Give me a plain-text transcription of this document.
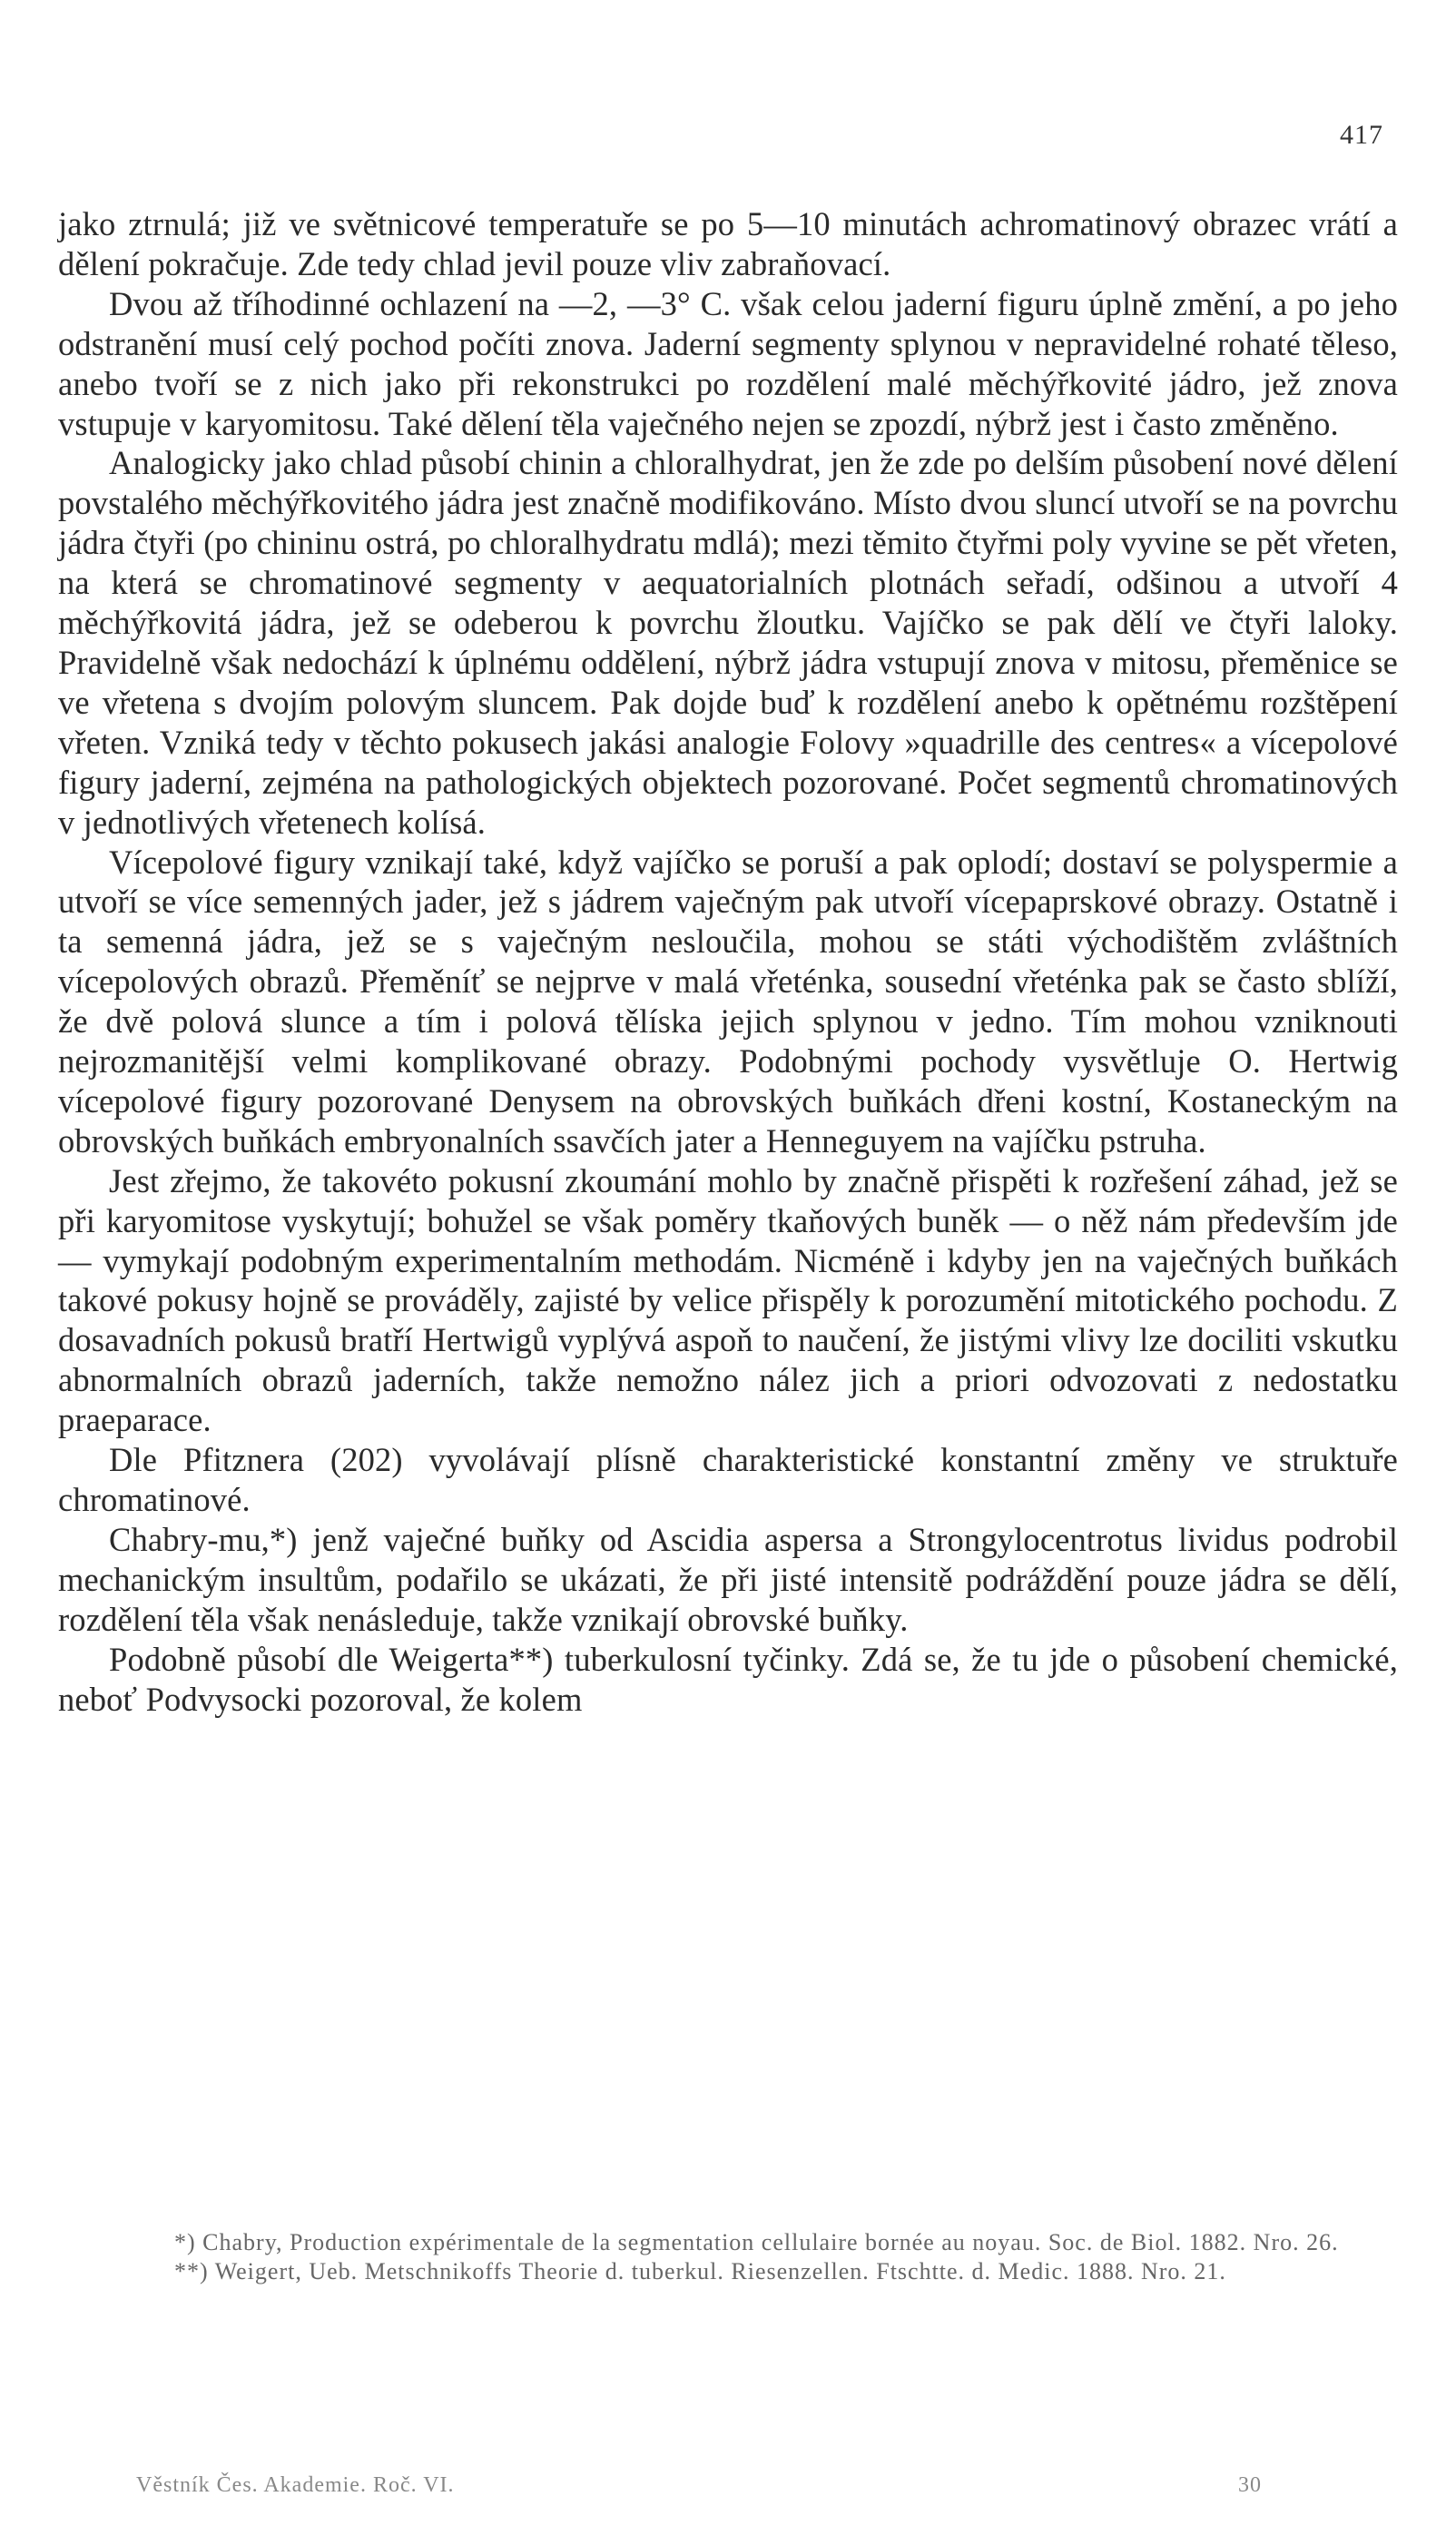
417

jako ztrnulá; již ve světnicové temperatuře se po 5—10 minutách achromatinový obrazec vrátí a dělení pokračuje. Zde tedy chlad jevil pouze vliv zabraňovací.

Dvou až tříhodinné ochlazení na —2, —3° C. však celou jaderní figuru úplně změní, a po jeho odstranění musí celý pochod počíti znova. Jaderní segmenty splynou v nepravidelné rohaté těleso, anebo tvoří se z nich jako při rekonstrukci po rozdělení malé měchýřkovité jádro, jež znova vstupuje v karyomitosu. Také dělení těla vaječného nejen se zpozdí, nýbrž jest i často změněno.

Analogicky jako chlad působí chinin a chloralhydrat, jen že zde po delším působení nové dělení povstalého měchýřkovitého jádra jest značně modifikováno. Místo dvou sluncí utvoří se na povrchu jádra čtyři (po chininu ostrá, po chloralhydratu mdlá); mezi těmito čtyřmi poly vyvine se pět vřeten, na která se chromatinové segmenty v aequatorialních plotnách seřadí, odšinou a utvoří 4 měchýřkovitá jádra, jež se odeberou k povrchu žloutku. Vajíčko se pak dělí ve čtyři laloky. Pravidelně však nedochází k úplnému oddělení, nýbrž jádra vstupují znova v mitosu, přeměnice se ve vřetena s dvojím polovým sluncem. Pak dojde buď k rozdělení anebo k opětnému rozštěpení vřeten. Vzniká tedy v těchto pokusech jakási analogie Folovy »quadrille des centres« a vícepolové figury jaderní, zejména na pathologických objektech pozorované. Počet segmentů chromatinových v jednotlivých vřetenech kolísá.

Vícepolové figury vznikají také, když vajíčko se poruší a pak oplodí; dostaví se polyspermie a utvoří se více semenných jader, jež s jádrem vaječným pak utvoří vícepaprskové obrazy. Ostatně i ta semenná jádra, jež se s vaječným nesloučila, mohou se státi východištěm zvláštních vícepolových obrazů. Přeměníť se nejprve v malá vřeténka, sousední vřeténka pak se často sblíží, že dvě polová slunce a tím i polová tělíska jejich splynou v jedno. Tím mohou vzniknouti nejrozmanitější velmi komplikované obrazy. Podobnými pochody vysvětluje O. Hertwig vícepolové figury pozorované Denysem na obrovských buňkách dřeni kostní, Kostaneckým na obrovských buňkách embryonalních ssavčích jater a Henneguyem na vajíčku pstruha.

Jest zřejmo, že takovéto pokusní zkoumání mohlo by značně přispěti k rozřešení záhad, jež se při karyomitose vyskytují; bohužel se však poměry tkaňových buněk — o něž nám především jde — vymykají podobným experimentalním methodám. Nicméně i kdyby jen na vaječných buňkách takové pokusy hojně se prováděly, zajisté by velice přispěly k porozumění mitotického pochodu. Z dosavadních pokusů bratří Hertwigů vyplývá aspoň to naučení, že jistými vlivy lze dociliti vskutku abnormalních obrazů jaderních, takže nemožno nález jich a priori odvozovati z nedostatku praeparace.

Dle Pfitznera (202) vyvolávají plísně charakteristické konstantní změny ve struktuře chromatinové.

Chabry-mu,*) jenž vaječné buňky od Ascidia aspersa a Strongylocentrotus lividus podrobil mechanickým insultům, podařilo se ukázati, že při jisté intensitě podráždění pouze jádra se dělí, rozdělení těla však nenásleduje, takže vznikají obrovské buňky.

Podobně působí dle Weigerta**) tuberkulosní tyčinky. Zdá se, že tu jde o působení chemické, neboť Podvysocki pozoroval, že kolem

*) Chabry, Production expérimentale de la segmentation cellulaire bornée au noyau. Soc. de Biol. 1882. Nro. 26.

**) Weigert, Ueb. Metschnikoffs Theorie d. tuberkul. Riesenzellen. Ftschtte. d. Medic. 1888. Nro. 21.

Věstník Čes. Akademie. Roč. VI.	30
